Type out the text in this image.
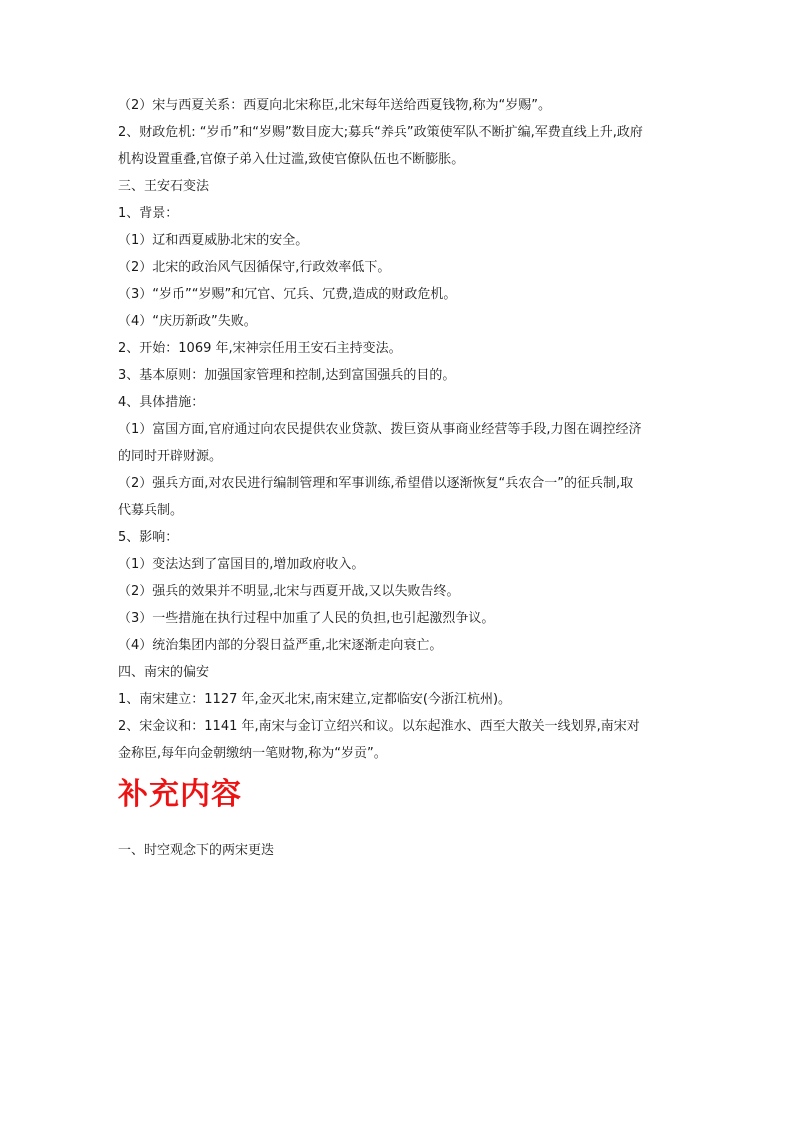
（2）宋与西夏关系：西夏向北宋称臣,北宋每年送给西夏钱物,称为“岁赐”。
2、财政危机: “岁币”和“岁赐”数目庞大;募兵“养兵”政策使军队不断扩编,军费直线上升,政府
机构设置重叠,官僚子弟入仕过滥,致使官僚队伍也不断膨胀。
三、王安石变法
1、背景：
（1）辽和西夏威胁北宋的安全。
（2）北宋的政治风气因循保守,行政效率低下。
（3）“岁币”“岁赐”和冗官、冗兵、冗费,造成的财政危机。
（4）“庆历新政”失败。
2、开始：1069 年,宋神宗任用王安石主持变法。
3、基本原则：加强国家管理和控制,达到富国强兵的目的。
4、具体措施：
（1）富国方面,官府通过向农民提供农业贷款、拨巨资从事商业经营等手段,力图在调控经济
的同时开辟财源。
（2）强兵方面,对农民进行编制管理和军事训练,希望借以逐渐恢复“兵农合一”的征兵制,取
代募兵制。
5、影响：
（1）变法达到了富国目的,增加政府收入。
（2）强兵的效果并不明显,北宋与西夏开战,又以失败告终。
（3）一些措施在执行过程中加重了人民的负担,也引起激烈争议。
（4）统治集团内部的分裂日益严重,北宋逐渐走向衰亡。
四、南宋的偏安
1、南宋建立：1127 年,金灭北宋,南宋建立,定都临安(今浙江杭州)。
2、宋金议和：1141 年,南宋与金订立绍兴和议。以东起淮水、西至大散关一线划界,南宋对
金称臣,每年向金朝缴纳一笔财物,称为“岁贡”。
补充内容
一、时空观念下的两宋更迭
